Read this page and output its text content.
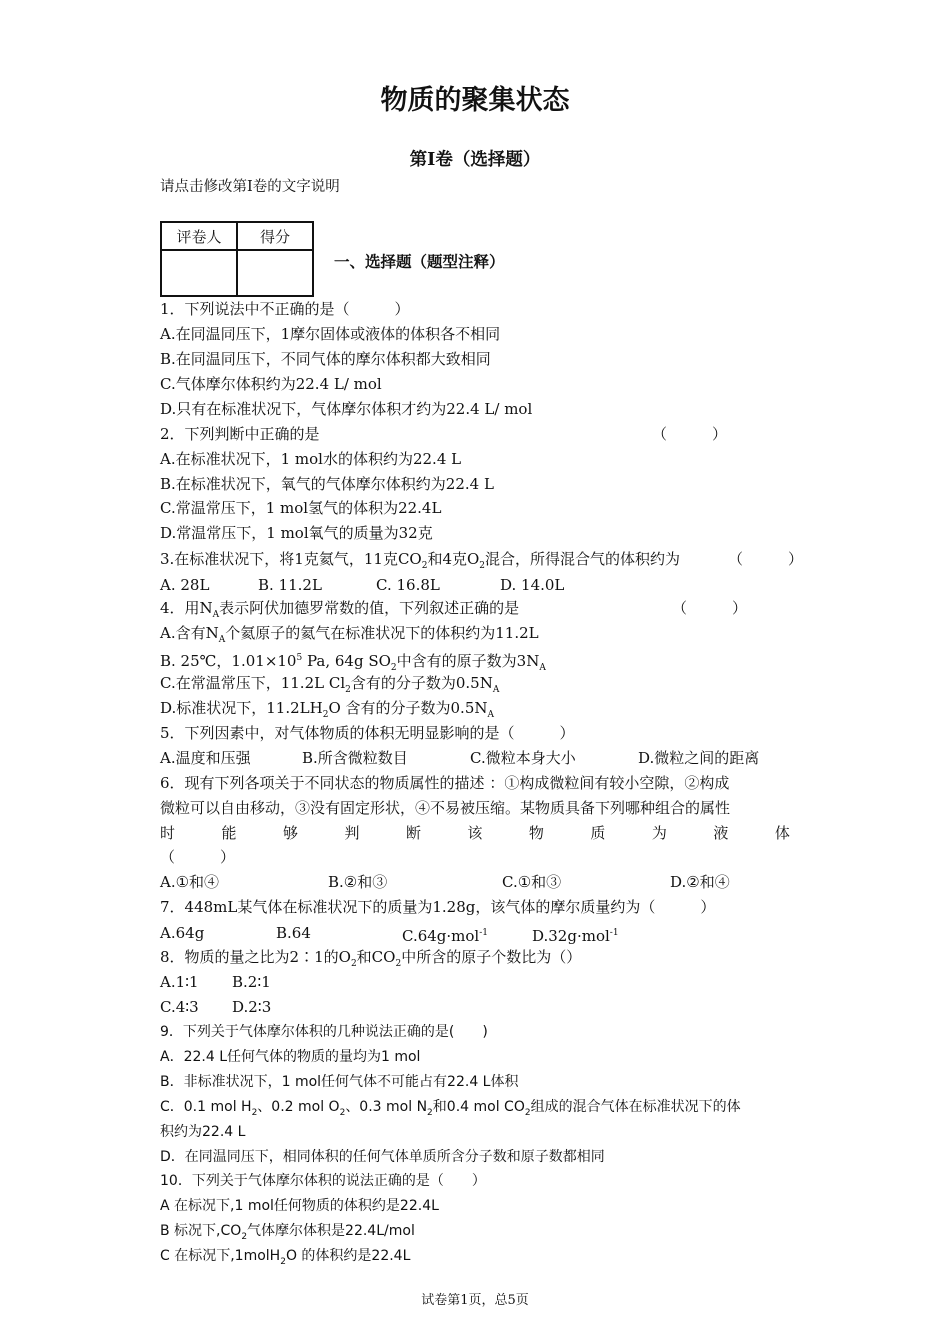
物质的聚集状态
第I卷（选择题）
请点击修改第I卷的文字说明
评卷人	得分

一、选择题（题型注释）
1．下列说法中不正确的是（　　　）
A.在同温同压下，1摩尔固体或液体的体积各不相同
B.在同温同压下，不同气体的摩尔体积都大致相同
C.气体摩尔体积约为22.4 L/ mol
D.只有在标准状况下，气体摩尔体积才约为22.4 L/ mol
2．下列判断中正确的是	（　　　）
A.在标准状况下，1 mol水的体积约为22.4 L
B.在标准状况下，氧气的气体摩尔体积约为22.4 L
C.常温常压下，1 mol氢气的体积为22.4L
D.常温常压下，1 mol氧气的质量为32克
3.在标准状况下，将1克氦气，11克$CO_2$和4克$O_2$混合，所得混合气的体积约为	（　　　）
A. 28L	B. 11.2L	C. 16.8L	D. 14.0L
4．用$N_A$表示阿伏加德罗常数的值，下列叙述正确的是	（　　　）
A.含有$N_A$个氦原子的氦气在标准状况下的体积约为11.2L
B. 25℃，$1.01\times 10^5$ Pa, 64g $SO_2$中含有的原子数为$3N_A$
C.在常温常压下，11.2L $Cl_2$含有的分子数为$0.5N_A$
D.标准状况下，$11.2LH_2O$ 含有的分子数为$0.5N_A$
5．下列因素中，对气体物质的体积无明显影响的是（　　　）
A.温度和压强	B.所含微粒数目	C.微粒本身大小	D.微粒之间的距离
6．现有下列各项关于不同状态的物质属性的描述 ：①构成微粒间有较小空隙，②构成
微粒可以自由移动，③没有固定形状，④不易被压缩。某物质具备下列哪种组合的属性
时	能	够	判	断	该	物	质	为	液	体
（　　　）
A.①和④	B.②和③	C.①和③	D.②和④
7．448mL某气体在标准状况下的质量为1.28g，该气体的摩尔质量约为（　　　）
A.64g	B.64	C.64g·mol$^{-1}$	D.32g·mol$^{-1}$
8．物质的量之比为2∶1的$O_2$和$CO_2$中所含的原子个数比为（）
A.1∶1 B.2∶1
C.4∶3 D.2∶3
9．下列关于气体摩尔体积的几种说法正确的是(　　)
A．22.4 L任何气体的物质的量均为1 mol
B．非标准状况下，1 mol任何气体不可能占有22.4 L体积
C．0.1 mol $H_2$、0.2 mol $O_2$、0.3 mol $N_2$和0.4 mol $CO_2$组成的混合气体在标准状况下的体
积约为22.4 L
D．在同温同压下，相同体积的任何气体单质所含分子数和原子数都相同
10．下列关于气体摩尔体积的说法正确的是（　　）
A 在标况下,1 mol任何物质的体积约是22.4L
B 标况下$,CO_2$气体摩尔体积是22.4L/mol
C 在标况下,1molH$_2$O 的体积约是22.4L
试卷第1页，总5页
